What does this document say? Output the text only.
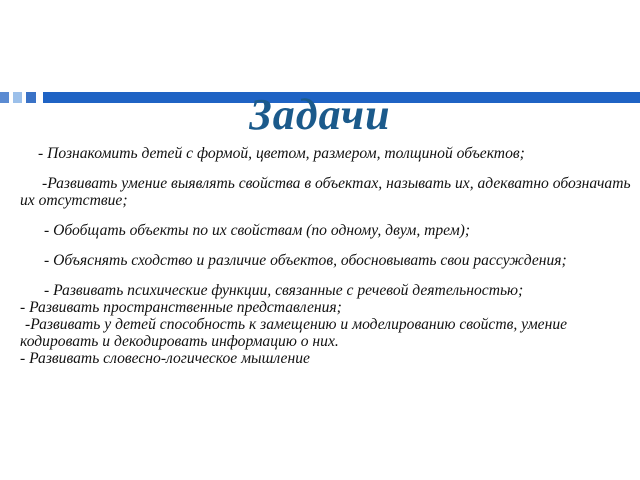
Задачи
- Познакомить детей с формой, цветом, размером, толщиной объектов;
-Развивать умение выявлять свойства в объектах, называть их, адекватно обозначать их отсутствие;
- Обобщать объекты по их свойствам (по одному, двум, трем);
- Объяснять сходство и различие объектов, обосновывать свои рассуждения;
- Развивать психические функции, связанные с речевой деятельностью;
- Развивать пространственные представления;
-Развивать у детей способность к замещению и моделированию свойств, умение кодировать и декодировать информацию о них.
- Развивать словесно-логическое мышление
